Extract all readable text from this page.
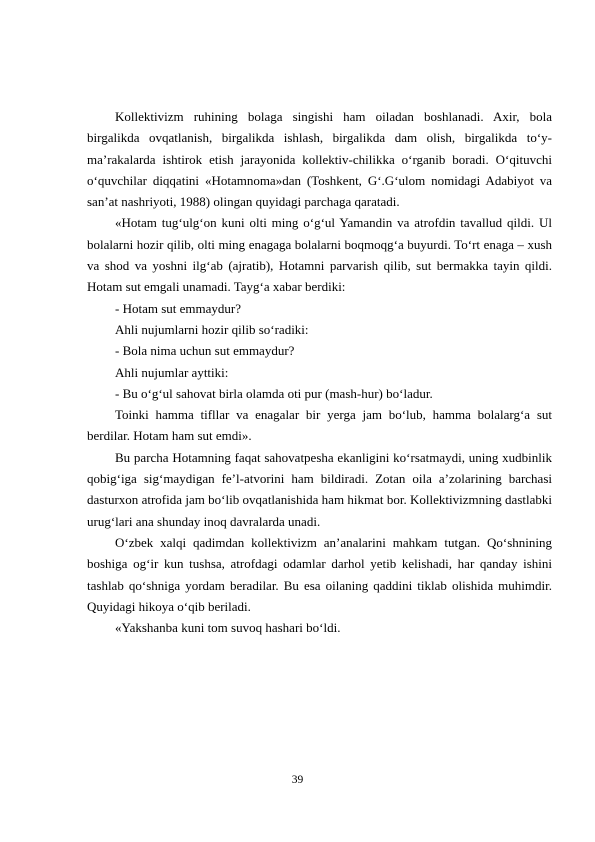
Kollektivizm ruhining bolaga singishi ham oiladan boshlanadi. Axir, bola birgalikda ovqatlanish, birgalikda ishlash, birgalikda dam olish, birgalikda to‘y-ma’rakalarda ishtirok etish jarayonida kollektiv-chilikka o‘rganib boradi. O‘qituvchi o‘quvchilar diqqatini «Hotamnoma»dan (Toshkent, G‘.G‘ulom nomidagi Adabiyot va san’at nashriyoti, 1988) olingan quyidagi parchaga qaratadi.

«Hotam tug‘ulg‘on kuni olti ming o‘g‘ul Yamandin va atrofdin tavallud qildi. Ul bolalarni hozir qilib, olti ming enagaga bolalarni boqmoqg‘a buyurdi. To‘rt enaga – xush va shod va yoshni ilg‘ab (ajratib), Hotamni parvarish qilib, sut bermakka tayin qildi. Hotam sut emgali unamadi. Tayg‘a xabar berdiki:

- Hotam sut emmaydur?

Ahli nujumlarni hozir qilib so‘radiki:

- Bola nima uchun sut emmaydur?

Ahli nujumlar ayttiki:

- Bu o‘g‘ul sahovat birla olamda oti pur (mash-hur) bo‘ladur.

Toinki hamma tifllar va enagalar bir yerga jam bo‘lub, hamma bolalarg‘a sut berdilar. Hotam ham sut emdi».

Bu parcha Hotamning faqat sahovatpesha ekanligini ko‘rsatmaydi, uning xudbinlik qobig‘iga sig‘maydigan fe’l-atvorini ham bildiradi. Zotan oila a’zolarining barchasi dasturxon atrofida jam bo‘lib ovqatlanishida ham hikmat bor. Kollektivizmning dastlabki urug‘lari ana shunday inoq davralarda unadi.

O‘zbek xalqi qadimdan kollektivizm an’analarini mahkam tutgan. Qo‘shnining boshiga og‘ir kun tushsa, atrofdagi odamlar darhol yetib kelishadi, har qanday ishini tashlab qo‘shniga yordam beradilar. Bu esa oilaning qaddini tiklab olishida muhimdir. Quyidagi hikoya o‘qib beriladi.

«Yakshanba kuni tom suvoq hashari bo‘ldi.

39
